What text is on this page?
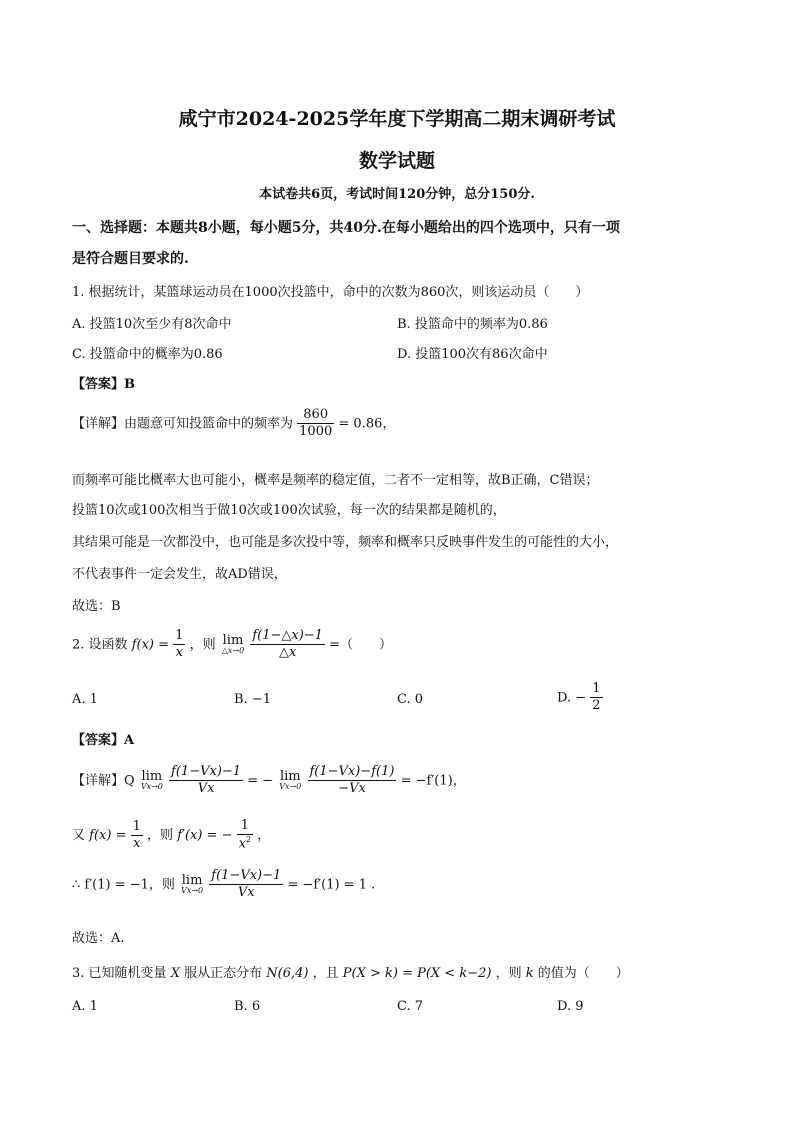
咸宁市2024-2025学年度下学期高二期末调研考试
数学试题
本试卷共6页，考试时间120分钟，总分150分.
一、选择题：本题共8小题，每小题5分，共40分.在每小题给出的四个选项中，只有一项
是符合题目要求的.
1. 根据统计，某篮球运动员在1000次投篮中，命中的次数为860次，则该运动员（　　）
A. 投篮10次至少有8次命中	B. 投篮命中的频率为0.86
C. 投篮命中的概率为0.86	D. 投篮100次有86次命中
【答案】B
【详解】由题意可知投篮命中的频率为 $\frac{860}{1000} = 0.86$，
而频率可能比概率大也可能小，概率是频率的稳定值，二者不一定相等，故B正确，C错误；
投篮10次或100次相当于做10次或100次试验，每一次的结果都是随机的，
其结果可能是一次都没中，也可能是多次投中等，频率和概率只反映事件发生的可能性的大小，
不代表事件一定会发生，故AD错误，
故选：B
2. 设函数 $f(x) = \frac{1}{x}$ ，则 lim
△x→0
$\frac{f(1-\triangle x)-1}{\triangle x}$ =（　　）
A. 1	B. −1	C. 0	D. − $\frac{1}{2}$
【答案】A
【详解】Q lim
Vx→0
$\frac{f(1-Vx)-1}{Vx}$ = − lim
Vx→0
$\frac{f(1-Vx)-f(1)}{-Vx} = -f'(1)$，
又 $f(x) = \frac{1}{x}$ ，则 f′(x) = − $\frac{1}{x^2}$ ，
∴ f′(1) = −1，则 lim
Vx→0
$\frac{f(1-Vx)-1}{Vx} = -f'(1) = 1$ .
故选：A.
3. 已知随机变量 X 服从正态分布 N(6,4) ，且 P(X > k) = P(X < k−2) ，则 k 的值为（　　）
A. 1	B. 6	C. 7	D. 9
